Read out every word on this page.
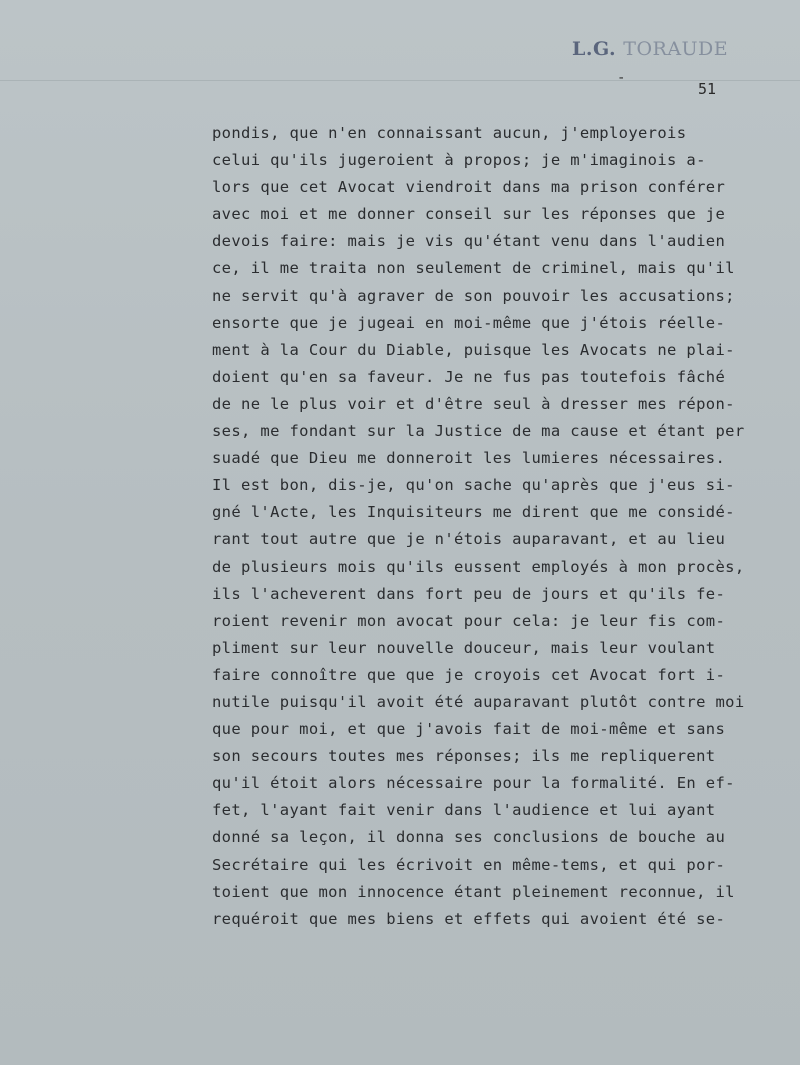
L.G. TORAUDE
-
51
pondis, que n'en connaissant aucun, j'employerois
celui qu'ils jugeroient à propos; je m'imaginois a-
lors que cet Avocat viendroit dans ma prison conférer
avec moi et me donner conseil sur les réponses que je
devois faire: mais je vis qu'étant venu dans l'audien
ce, il me traita non seulement de criminel, mais qu'il
ne servit qu'à agraver de son pouvoir les accusations;
ensorte que je jugeai en moi-même que j'étois réelle-
ment à la Cour du Diable, puisque les Avocats ne plai-
doient qu'en sa faveur. Je ne fus pas toutefois fâché
de ne le plus voir et d'être seul à dresser mes répon-
ses, me fondant sur la Justice de ma cause et étant per
suadé que Dieu me donneroit les lumieres nécessaires.
Il est bon, dis-je, qu'on sache qu'après que j'eus si-
gné l'Acte, les Inquisiteurs me dirent que me considé-
rant tout autre que je n'étois auparavant, et au lieu
de plusieurs mois qu'ils eussent employés à mon procès,
ils l'acheverent dans fort peu de jours et qu'ils fe-
roient revenir mon avocat pour cela: je leur fis com-
pliment sur leur nouvelle douceur, mais leur voulant
faire connoître que que je croyois cet Avocat fort i-
nutile puisqu'il avoit été auparavant plutôt contre moi
que pour moi, et que j'avois fait de moi-même et sans
son secours toutes mes réponses; ils me repliquerent
qu'il étoit alors nécessaire pour la formalité. En ef-
fet, l'ayant fait venir dans l'audience et lui ayant
donné sa leçon, il donna ses conclusions de bouche au
Secrétaire qui les écrivoit en même-tems, et qui por-
toient que mon innocence étant pleinement reconnue, il
requéroit que mes biens et effets qui avoient été se-
